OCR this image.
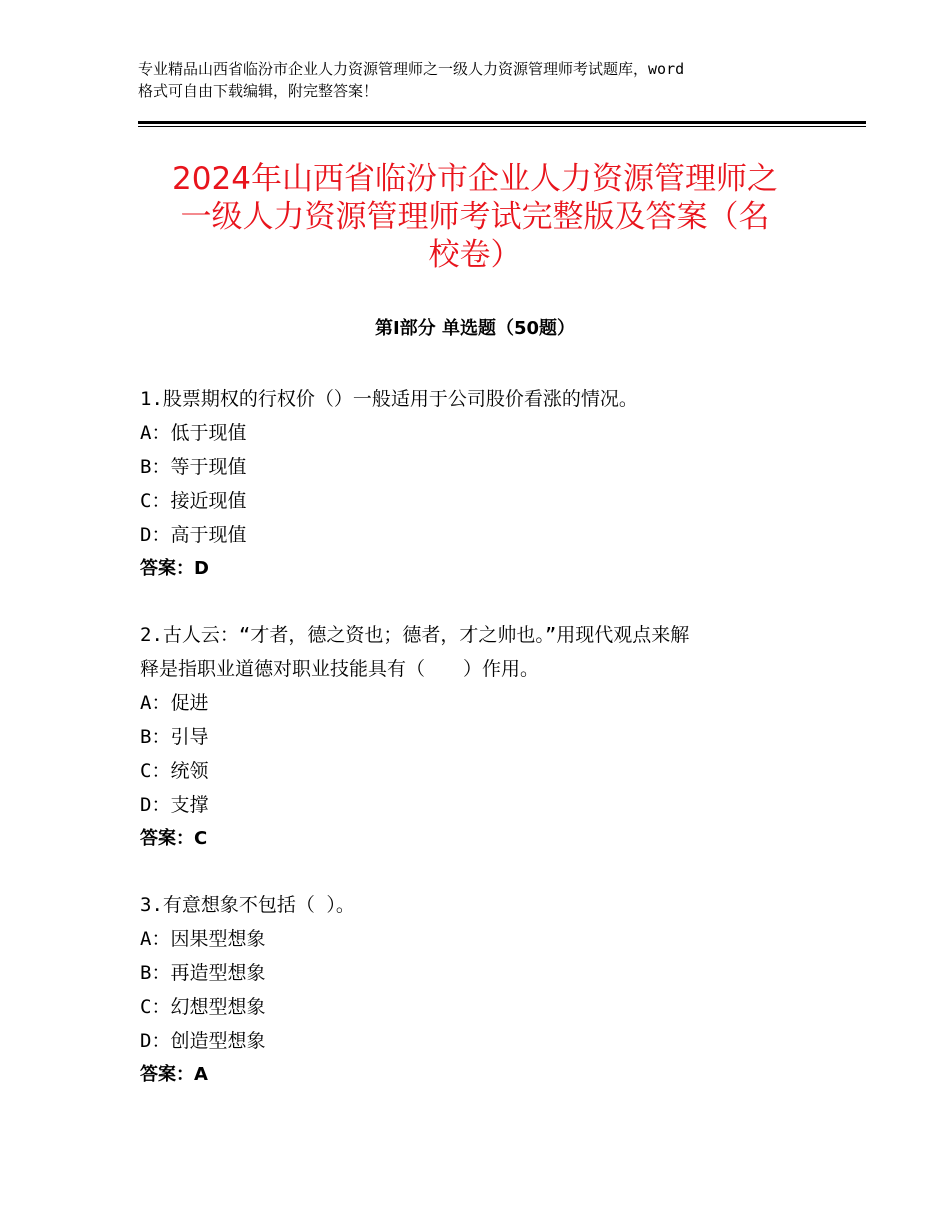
专业精品山西省临汾市企业人力资源管理师之一级人力资源管理师考试题库，word
格式可自由下载编辑，附完整答案！
2024年山西省临汾市企业人力资源管理师之
一级人力资源管理师考试完整版及答案（名
校卷）
第Ⅰ部分 单选题（50题）
1.股票期权的行权价（）一般适用于公司股价看涨的情况。
A：低于现值
B：等于现值
C：接近现值
D：高于现值
答案：D
2.古人云：“才者，德之资也；德者，才之帅也。”用现代观点来解
释是指职业道德对职业技能具有（　　）作用。
A：促进
B：引导
C：统领
D：支撑
答案：C
3.有意想象不包括（ ）。
A：因果型想象
B：再造型想象
C：幻想型想象
D：创造型想象
答案：A
